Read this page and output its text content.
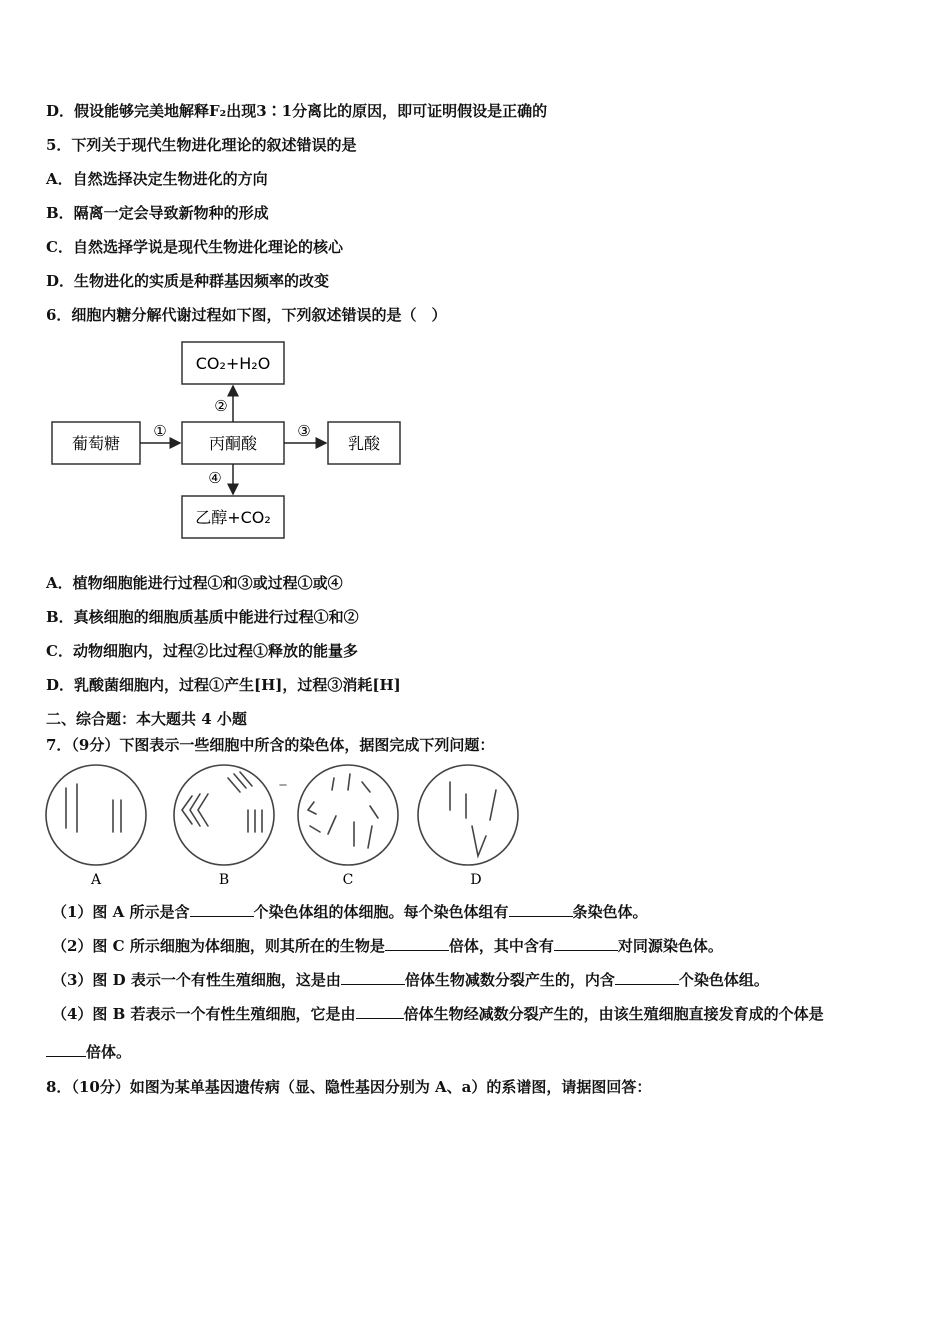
D．假设能够完美地解释F₂出现3∶1分离比的原因，即可证明假设是正确的
5．下列关于现代生物进化理论的叙述错误的是
A．自然选择决定生物进化的方向
B．隔离一定会导致新物种的形成
C．自然选择学说是现代生物进化理论的核心
D．生物进化的实质是种群基因频率的改变
6．细胞内糖分解代谢过程如下图，下列叙述错误的是（　）
CO₂+H₂O
葡萄糖	丙酮酸	乳酸
乙醇+CO₂
①
②
③
④
A．植物细胞能进行过程①和③或过程①或④
B．真核细胞的细胞质基质中能进行过程①和②
C．动物细胞内，过程②比过程①释放的能量多
D．乳酸菌细胞内，过程①产生[H]，过程③消耗[H]
二、综合题：本大题共 4 小题
7．（9分）下图表示一些细胞中所含的染色体，据图完成下列问题：
A	B	C	D
（1）图 A 所示是含	个染色体组的体细胞。每个染色体组有	条染色体。
（2）图 C 所示细胞为体细胞，则其所在的生物是	倍体，其中含有	对同源染色体。
（3）图 D 表示一个有性生殖细胞，这是由	倍体生物减数分裂产生的，内含	个染色体组。
（4）图 B 若表示一个有性生殖细胞，它是由	倍体生物经减数分裂产生的，由该生殖细胞直接发育成的个体是
倍体。
8．（10分）如图为某单基因遗传病（显、隐性基因分别为 A、a）的系谱图，请据图回答：
